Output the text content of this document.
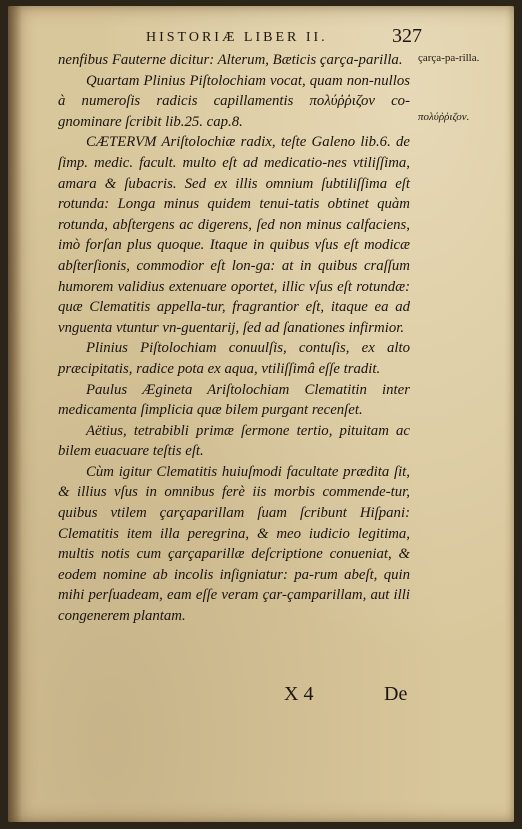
HISTORIÆ LIBER II.	327
çarça-pa-rilla.
πολύῤῥιζον.

nenfibus Fauterne dicitur: Alterum, Bæticis çarça-parilla.

Quartam Plinius Piſtolochiam vocat, quam non-nullos à numeroſis radicis capillamentis πολύῤῥιζον co-gnominare ſcribit lib.25. cap.8.

CÆTERVM Ariſtolochiæ radix, teſte Galeno lib.6. de ſimp. medic. facult. multo eſt ad medicatio-nes vtiliſſima, amara & ſubacris. Sed ex illis omnium ſubtiliſſima eſt rotunda: Longa minus quidem tenui-tatis obtinet quàm rotunda, abſtergens ac digerens, ſed non minus calfaciens, imò forſan plus quoque. Itaque in quibus vſus eſt modicæ abſterſionis, commodior eſt lon-ga: at in quibus craſſum humorem validius extenuare oportet, illic vſus eſt rotundæ: quæ Clematitis appella-tur, fragrantior eſt, itaque ea ad vnguenta vtuntur vn-guentarij, ſed ad ſanationes infirmior.

Plinius Piſtolochiam conuulſis, contuſis, ex alto præcipitatis, radice pota ex aqua, vtiliſſimâ eſſe tradit.

Paulus Ægineta Ariſtolochiam Clematitin inter medicamenta ſimplicia quæ bilem purgant recenſet.

Aëtius, tetrabibli primæ ſermone tertio, pituitam ac bilem euacuare teſtis eſt.

Cùm igitur Clematitis huiuſmodi facultate prædita ſit, & illius vſus in omnibus ferè iis morbis commende-tur, quibus vtilem çarçaparillam ſuam ſcribunt Hiſpani: Clematitis item illa peregrina, & meo iudicio legitima, multis notis cum çarçaparillæ deſcriptione conueniat, & eodem nomine ab incolis inſigniatur: pa-rum abeſt, quin mihi perſuadeam, eam eſſe veram çar-çamparillam, aut illi congenerem plantam.

X 4	De
